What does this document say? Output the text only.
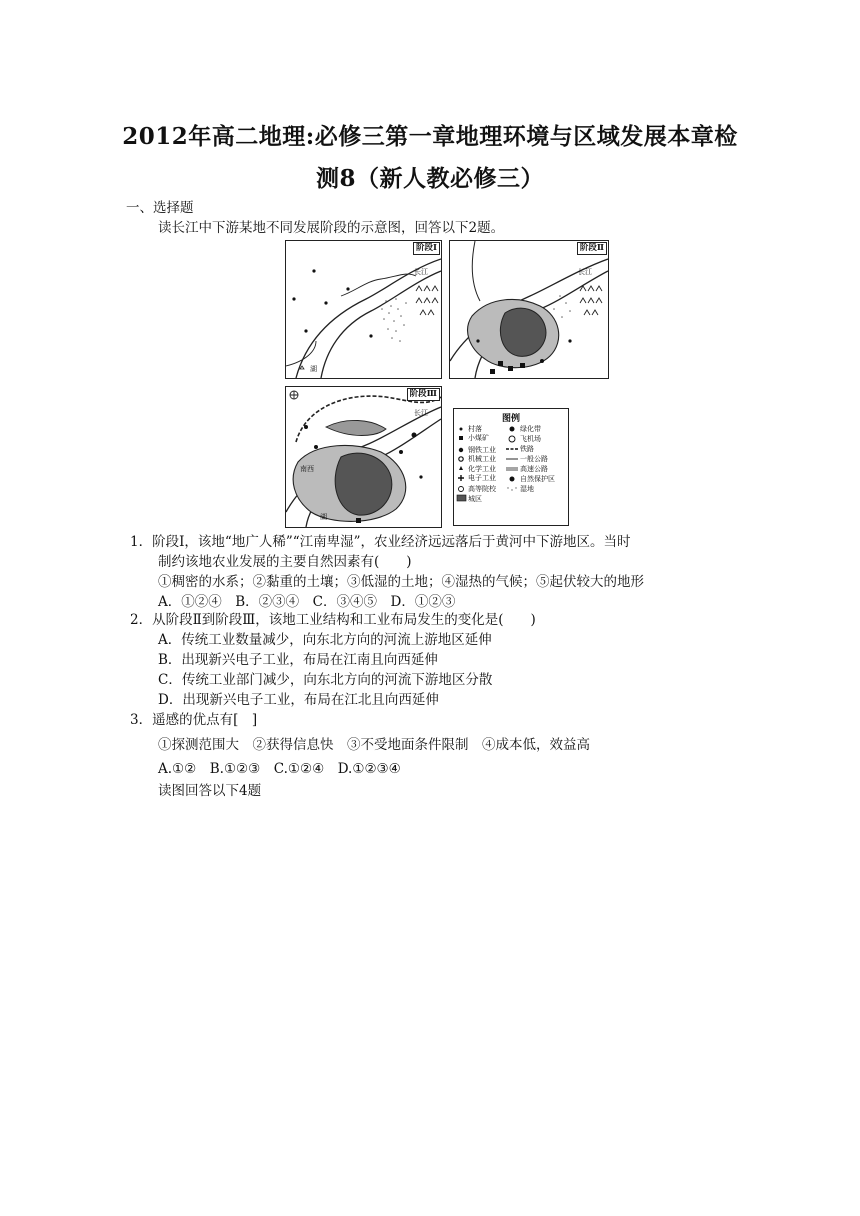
2012年高二地理:必修三第一章地理环境与区域发展本章检
测8（新人教必修三）
一、选择题
读长江中下游某地不同发展阶段的示意图，回答以下2题。
阶段Ⅰ
长江
湖
阶段Ⅱ
长江
阶段Ⅲ
长江
湖
南西
图例
村落
小煤矿
钢铁工业
机械工业
化学工业
电子工业
高等院校
城区
绿化带
飞机场
铁路
一般公路
高速公路
自然保护区
湿地
1．阶段Ⅰ，该地“地广人稀”“江南卑湿”，农业经济远远落后于黄河中下游地区。当时
制约该地农业发展的主要自然因素有(　　)
①稠密的水系；②黏重的土壤；③低湿的土地；④湿热的气候；⑤起伏较大的地形
A．①②④　B．②③④　C．③④⑤　D．①②③
2．从阶段Ⅱ到阶段Ⅲ，该地工业结构和工业布局发生的变化是(　　)
A．传统工业数量减少，向东北方向的河流上游地区延伸
B．出现新兴电子工业，布局在江南且向西延伸
C．传统工业部门减少，向东北方向的河流下游地区分散
D．出现新兴电子工业，布局在江北且向西延伸
3．遥感的优点有[　]
①探测范围大　②获得信息快　③不受地面条件限制　④成本低，效益高
A.①②　B.①②③　C.①②④　D.①②③④
读图回答以下4题
